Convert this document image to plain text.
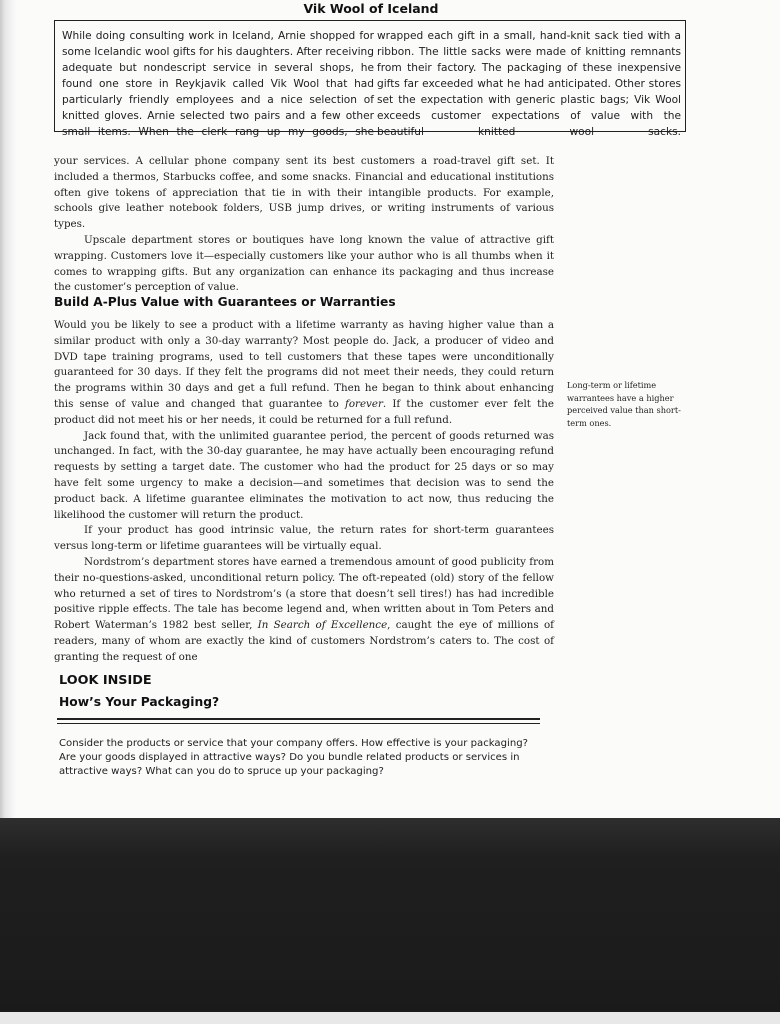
Vik Wool of Iceland
While doing consulting work in Iceland, Arnie shopped for some Icelandic wool gifts for his daughters. After receiving adequate but nondescript service in several shops, he found one store in Reykjavik called Vik Wool that had particularly friendly employees and a nice selection of knitted gloves. Arnie selected two pairs and a few other small items. When the clerk rang up my goods, she
wrapped each gift in a small, hand-knit sack tied with a ribbon. The little sacks were made of knitting remnants from their factory. The packaging of these inexpensive gifts far exceeded what he had anticipated. Other stores set the expectation with generic plastic bags; Vik Wool exceeds customer expectations of value with the beautiful knitted wool sacks.

your services. A cellular phone company sent its best customers a road-travel gift set. It included a thermos, Starbucks coffee, and some snacks. Financial and educational institutions often give tokens of appreciation that tie in with their intangible products. For example, schools give leather notebook folders, USB jump drives, or writing instruments of various types.

Upscale department stores or boutiques have long known the value of attractive gift wrapping. Customers love it—especially customers like your author who is all thumbs when it comes to wrapping gifts. But any organization can enhance its packaging and thus increase the customer’s perception of value.

Build A-Plus Value with Guarantees or Warranties

Would you be likely to see a product with a lifetime warranty as having higher value than a similar product with only a 30-day warranty? Most people do. Jack, a producer of video and DVD tape training programs, used to tell customers that these tapes were unconditionally guaranteed for 30 days. If they felt the programs did not meet their needs, they could return the programs within 30 days and get a full refund. Then he began to think about enhancing this sense of value and changed that guarantee to forever. If the customer ever felt the product did not meet his or her needs, it could be returned for a full refund.

Jack found that, with the unlimited guarantee period, the percent of goods returned was unchanged. In fact, with the 30-day guarantee, he may have actually been encouraging refund requests by setting a target date. The customer who had the product for 25 days or so may have felt some urgency to make a decision—and sometimes that decision was to send the product back. A lifetime guarantee eliminates the motivation to act now, thus reducing the likelihood the customer will return the product.

If your product has good intrinsic value, the return rates for short-term guarantees versus long-term or lifetime guarantees will be virtually equal.

Nordstrom’s department stores have earned a tremendous amount of good publicity from their no-questions-asked, unconditional return policy. The oft-repeated (old) story of the fellow who returned a set of tires to Nordstrom’s (a store that doesn’t sell tires!) has had incredible positive ripple effects. The tale has become legend and, when written about in Tom Peters and Robert Waterman’s 1982 best seller, In Search of Excellence, caught the eye of millions of readers, many of whom are exactly the kind of customers Nordstrom’s caters to. The cost of granting the request of one

Long-term or lifetime warrantees have a higher perceived value than short-term ones.
LOOK INSIDE
How’s Your Packaging?
Consider the products or service that your company offers. How effective is your packaging? Are your goods displayed in attractive ways? Do you bundle related products or services in attractive ways? What can you do to spruce up your packaging?
